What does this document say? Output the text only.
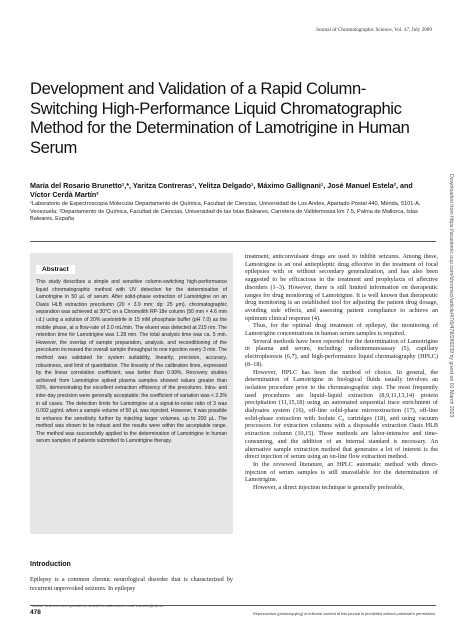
Journal of Chromatographic Science, Vol. 47, July 2009
Development and Validation of a Rapid Column-Switching High-Performance Liquid Chromatographic Method for the Determination of Lamotrigine in Human Serum
María del Rosario Brunetto¹,*, Yaritza Contreras¹, Yelitza Delgado¹, Máximo Gallignani¹, José Manuel Estela², and Víctor Cerdà Martín²
¹Laboratorio de Espectroscopia Molecular Departamento de Química, Facultad de Ciencias, Universidad de Los Andes, Apartado Postal 440, Mérida, 5101-A, Venezuela; ²Departamento de Química, Facultad de Ciencias, Universidad de las Islas Baleares, Carretera de Valldemossa km 7.5, Palma de Mallorca, Islas Baleares, España
Abstract

This study describes a simple and sensitive column-switching high-performance liquid chromatographic method with UV detection for the determination of Lamotrigine in 50 μL of serum. After solid-phase extraction of Lamotrigine on an Oasis HLB extraction precolumn (20 × 3.9 mm; dp: 25 μm), chromatographic separation was achieved at 30°C on a Chromolith RP-18e column (50 mm × 4.6 mm i.d.) using a solution of 20% acetonitrile in 15 mM phosphate buffer (pH 7.0) as the mobile phase, at a flow-rate of 2.0 mL/min. The eluent was detected at 215 nm. The retention time for Lamotrigine was 1.28 min. The total analysis time was ca. 5 min. However, the overlap of sample preparation, analysis, and reconditioning of the precolumn increased the overall sample throughput to one injection every 3 min. The method was validated for system suitability, linearity, precision, accuracy, robustness, and limit of quantitation. The linearity of the calibration lines, expressed by the linear correlation coefficient, was better than 0.99%. Recovery studies achieved from Lamotrigine spiked plasma samples showed values greater than 93%, demonstrating the excellent extraction efficiency of the precolumn. Intra- and inter-day precision were generally acceptable; the coefficient of variation was < 2.3% in all cases. The detection limits for Lamotrigine at a signal-to-noise ratio of 3 was 0.002 μg/mL when a sample volume of 50 μL was injected. However, it was possible to enhance the sensitivity further by injecting larger volumes, up to 200 μL. The method was shown to be robust and the results were within the acceptable range. The method was successfully applied to the determination of Lamotrigine in human serum samples of patients submitted to Lamotrigine therapy.

Introduction
Epilepsy is a common chronic neurological disorder that is characterized by recurrent unprovoked seizures. In epilepsy
* Author to whom correspondence should be addressed: email brunetto@ula.ve

treatment, anticonvulsant drugs are used to inhibit seizures. Among these, Lamotrigine is an oral antiepileptic drug effective in the treatment of focal epilepsies with or without secondary generalization, and has also been suggested to be efficacious in the treatment and prophylaxis of affective disorders (1–3). However, there is still limited information on therapeutic ranges for drug monitoring of Lamotrigine. It is well known that therapeutic drug monitoring is an established tool for adjusting the patient drug dosage, avoiding side effects, and assessing patient compliance to achieve an optimum clinical response (4).

Thus, for the optimal drug treatment of epilepsy, the monitoring of Lamotrigine concentrations in human serum samples is required.

Several methods have been reported for the determination of Lamotrigine in plasma and serum, including: radioimmunoassay (5), capillary electrophoresis (6,7), and high-performance liquid chromatography (HPLC) (8–18).

However, HPLC has been the method of choice. In general, the determination of Lamotrigine in biological fluids usually involves an isolation procedure prior to the chromatographic step. The most frequently used procedures are liquid–liquid extraction (8,9,11,13,14) protein precipitation (11,15,18) using an automated sequential trace enrichment of dialysates system (16), off-line solid-phase microextraction (17), off-line solid-phase extraction with Isolute C₈ cartridges (18), and using vacuum processors for extraction columns with a disposable extraction Oasis HLB extraction column (10,15). These methods are labor-intensive and time-consuming, and the addition of an internal standard is necessary. An alternative sample extraction method that generates a lot of interest is the direct injection of serum using an on-line flow extraction method.

In the reviewed literature, an HPLC automatic method with direct-injection of serum samples is still unavailable for the determination of Lamotrigine.

However, a direct injection technique is generally preferable,

478	Reproduction (photocopying) of editorial content of this journal is prohibited without publisher's permission.
Downloaded from https://academic.oup.com/chromsci/article/47/6/478/280239 by guest on 01 March 2023
